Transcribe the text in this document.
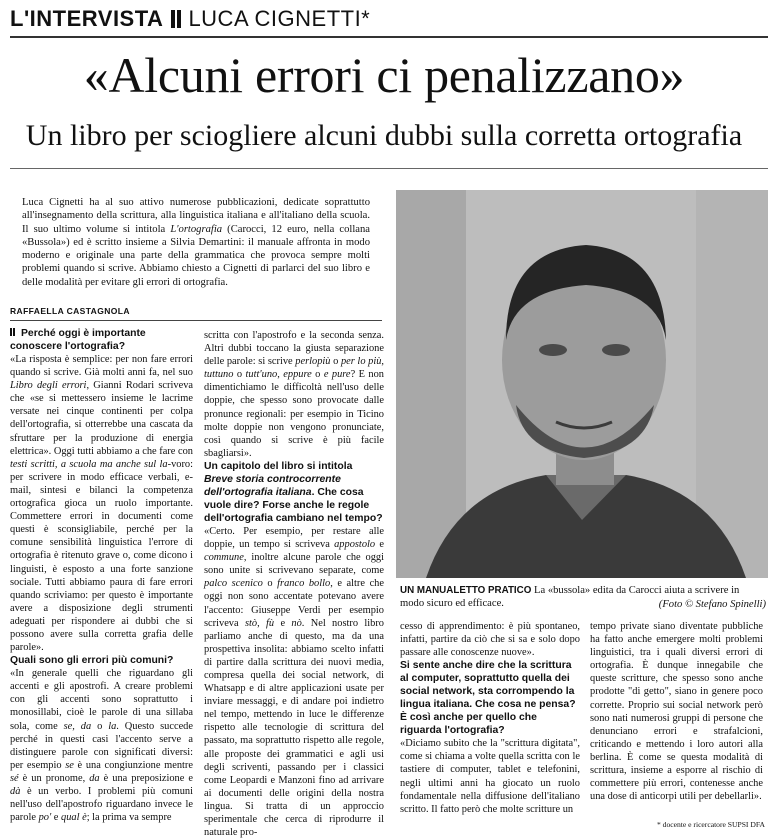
L'INTERVISTA LUCA CIGNETTI*
«Alcuni errori ci penalizzano»
Un libro per sciogliere alcuni dubbi sulla corretta ortografia

Luca Cignetti ha al suo attivo numerose pubblicazioni, dedicate soprattutto all'insegnamento della scrittura, alla linguistica italiana e all'italiano della scuola. Il suo ultimo volume si intitola L'ortografia (Carocci, 12 euro, nella collana «Bussola») ed è scritto insieme a Silvia Demartini: il manuale affronta in modo moderno e originale una parte della grammatica che provoca sempre molti problemi quando si scrive. Abbiamo chiesto a Cignetti di parlarci del suo libro e delle modalità per evitare gli errori di ortografia.

RAFFAELLA CASTAGNOLA

Perché oggi è importante conoscere l'ortografia?

«La risposta è semplice: per non fare errori quando si scrive. Già molti anni fa, nel suo Libro degli errori, Gianni Rodari scriveva che «se si mettessero insieme le lacrime versate nei cinque continenti per colpa dell'ortografia, si otterrebbe una cascata da sfruttare per la produzione di energia elettrica». Oggi tutti abbiamo a che fare con testi scritti, a scuola ma anche sul la-voro: per scrivere in modo efficace verbali, e-mail, sintesi e bilanci la competenza ortografica gioca un ruolo importante. Commettere errori in documenti come questi è sconsigliabile, perché per la comune sensibilità linguistica l'errore di ortografia è ritenuto grave o, come dicono i linguisti, è esposto a una forte sanzione sociale. Tutti abbiamo paura di fare errori quando scriviamo: per questo è importante avere a disposizione degli strumenti adeguati per rispondere ai dubbi che si possono avere sulla corretta grafia delle parole».

Quali sono gli errori più comuni?

«In generale quelli che riguardano gli accenti e gli apostrofi. A creare problemi con gli accenti sono soprattutto i monosillabi, cioè le parole di una sillaba sola, come se, da o la. Questo succede perché in questi casi l'accento serve a distinguere parole con significati diversi: per esempio se è una congiunzione mentre sé è un pronome, da è una preposizione e dà è un verbo. I problemi più comuni nell'uso dell'apostrofo riguardano invece le parole po' e qual è; la prima va sempre

scritta con l'apostrofo e la seconda senza. Altri dubbi toccano la giusta separazione delle parole: si scrive perlopiù o per lo più, tuttuno o tutt'uno, eppure o e pure? E non dimentichiamo le difficoltà nell'uso delle doppie, che spesso sono provocate dalle pronunce regionali: per esempio in Ticino molte doppie non vengono pronunciate, così quando si scrive è più facile sbagliarsi».

Un capitolo del libro si intitola Breve storia controcorrente dell'ortografia italiana. Che cosa vuole dire? Forse anche le regole dell'ortografia cambiano nel tempo?

«Certo. Per esempio, per restare alle doppie, un tempo si scriveva appostolo e commune, inoltre alcune parole che oggi sono unite si scrivevano separate, come palco scenico o franco bollo, e altre che oggi non sono accentate potevano avere l'accento: Giuseppe Verdi per esempio scriveva stò, fù e nò. Nel nostro libro parliamo anche di questo, ma da una prospettiva insolita: abbiamo scelto infatti di partire dalla scrittura dei nuovi media, compresa quella dei social network, di Whatsapp e di altre applicazioni usate per inviare messaggi, e di andare poi indietro nel tempo, mettendo in luce le differenze rispetto alle tecnologie di scrittura del passato, ma soprattutto rispetto alle regole, alle proposte dei grammatici e agli usi degli scriventi, passando per i classici come Leopardi e Manzoni fino ad arrivare ai documenti delle origini della nostra lingua. Si tratta di un approccio sperimentale che cerca di riprodurre il naturale pro-

UN MANUALETTO PRATICO La «bussola» edita da Carocci aiuta a scrivere in modo sicuro ed efficace.	(Foto © Stefano Spinelli)

cesso di apprendimento: è più spontaneo, infatti, partire da ciò che si sa e solo dopo passare alle conoscenze nuove».

Si sente anche dire che la scrittura al computer, soprattutto quella dei social network, sta corrompendo la lingua italiana. Che cosa ne pensa? È così anche per quello che riguarda l'ortografia?

«Diciamo subito che la "scrittura digitata", come si chiama a volte quella scritta con le tastiere di computer, tablet e telefonini, negli ultimi anni ha giocato un ruolo fondamentale nella diffusione dell'italiano scritto. Il fatto però che molte scritture un

tempo private siano diventate pubbliche ha fatto anche emergere molti problemi linguistici, tra i quali diversi errori di ortografia. È dunque innegabile che queste scritture, che spesso sono anche prodotte "di getto", siano in genere poco corrette. Proprio sui social network però sono nati numerosi gruppi di persone che denunciano errori e strafalcioni, criticando e mettendo i loro autori alla berlina. È come se questa modalità di scrittura, insieme a esporre al rischio di commettere più errori, contenesse anche una dose di anticorpi utili per debellarli».

* docente e ricercatore SUPSI DFA
